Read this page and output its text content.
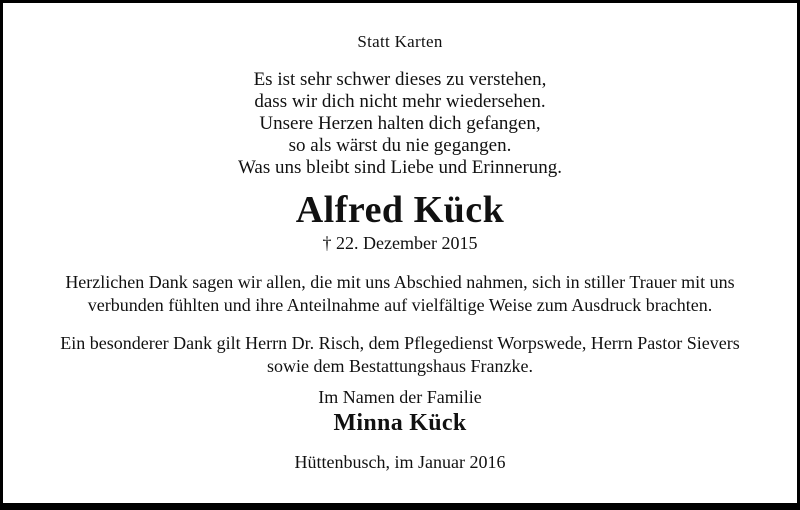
Statt Karten
Es ist sehr schwer dieses zu verstehen,
dass wir dich nicht mehr wiedersehen.
Unsere Herzen halten dich gefangen,
so als wärst du nie gegangen.
Was uns bleibt sind Liebe und Erinnerung.
Alfred Kück
† 22. Dezember 2015
Herzlichen Dank sagen wir allen, die mit uns Abschied nahmen, sich in stiller Trauer mit uns verbunden fühlten und ihre Anteilnahme auf vielfältige Weise zum Ausdruck brachten.
Ein besonderer Dank gilt Herrn Dr. Risch, dem Pflegedienst Worpswede, Herrn Pastor Sievers sowie dem Bestattungshaus Franzke.
Im Namen der Familie
Minna Kück
Hüttenbusch, im Januar 2016
